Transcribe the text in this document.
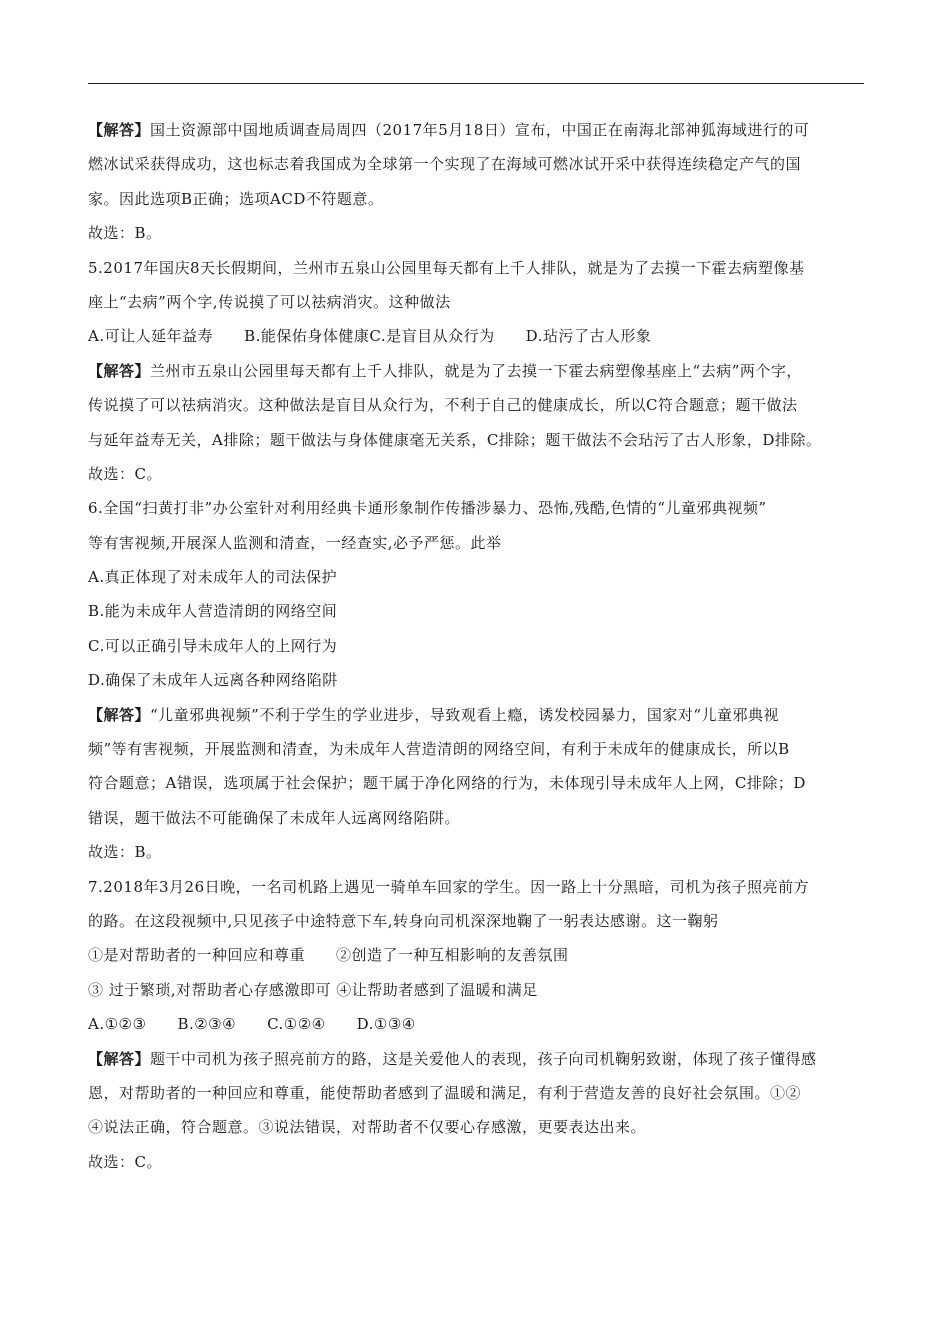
【解答】国土资源部中国地质调查局周四（2017年5月18日）宣布，中国正在南海北部神狐海域进行的可
燃冰试采获得成功，这也标志着我国成为全球第一个实现了在海域可燃冰试开采中获得连续稳定产气的国
家。因此选项B正确；选项ACD不符题意。
故选：B。
5.2017年国庆8天长假期间，兰州市五泉山公园里每天都有上千人排队，就是为了去摸一下霍去病塑像基
座上“去病”两个字,传说摸了可以祛病消灾。这种做法
A.可让人延年益寿　　B.能保佑身体健康C.是盲目从众行为　　D.玷污了古人形象
【解答】兰州市五泉山公园里每天都有上千人排队，就是为了去摸一下霍去病塑像基座上“去病”两个字，
传说摸了可以祛病消灾。这种做法是盲目从众行为，不利于自己的健康成长，所以C符合题意；题干做法
与延年益寿无关，A排除；题干做法与身体健康毫无关系，C排除；题干做法不会玷污了古人形象，D排除。
故选：C。
6.全国“扫黄打非”办公室针对利用经典卡通形象制作传播涉暴力、恐怖,残酷,色情的“儿童邪典视频”
等有害视频,开展深人监测和清查，一经查实,必予严惩。此举
A.真正体现了对未成年人的司法保护
B.能为未成年人营造清朗的网络空间
C.可以正确引导未成年人的上网行为
D.确保了未成年人远离各种网络陷阱
【解答】“儿童邪典视频”不利于学生的学业进步，导致观看上瘾，诱发校园暴力，国家对“儿童邪典视
频”等有害视频，开展监测和清查，为未成年人营造清朗的网络空间，有利于未成年的健康成长，所以B
符合题意；A错误，选项属于社会保护；题干属于净化网络的行为，未体现引导未成年人上网，C排除；D
错误，题干做法不可能确保了未成年人远离网络陷阱。
故选：B。
7.2018年3月26日晚，一名司机路上遇见一骑单车回家的学生。因一路上十分黑暗，司机为孩子照亮前方
的路。在这段视频中,只见孩子中途特意下车,转身向司机深深地鞠了一躬表达感谢。这一鞠躬
①是对帮助者的一种回应和尊重　　②创造了一种互相影响的友善氛围
③ 过于繁琐,对帮助者心存感激即可 ④让帮助者感到了温暖和满足
A.①②③　　B.②③④　　C.①②④　　D.①③④
【解答】题干中司机为孩子照亮前方的路，这是关爱他人的表现，孩子向司机鞠躬致谢，体现了孩子懂得感
恩，对帮助者的一种回应和尊重，能使帮助者感到了温暖和满足，有利于营造友善的良好社会氛围。①②
④说法正确，符合题意。③说法错误，对帮助者不仅要心存感激，更要表达出来。
故选：C。
